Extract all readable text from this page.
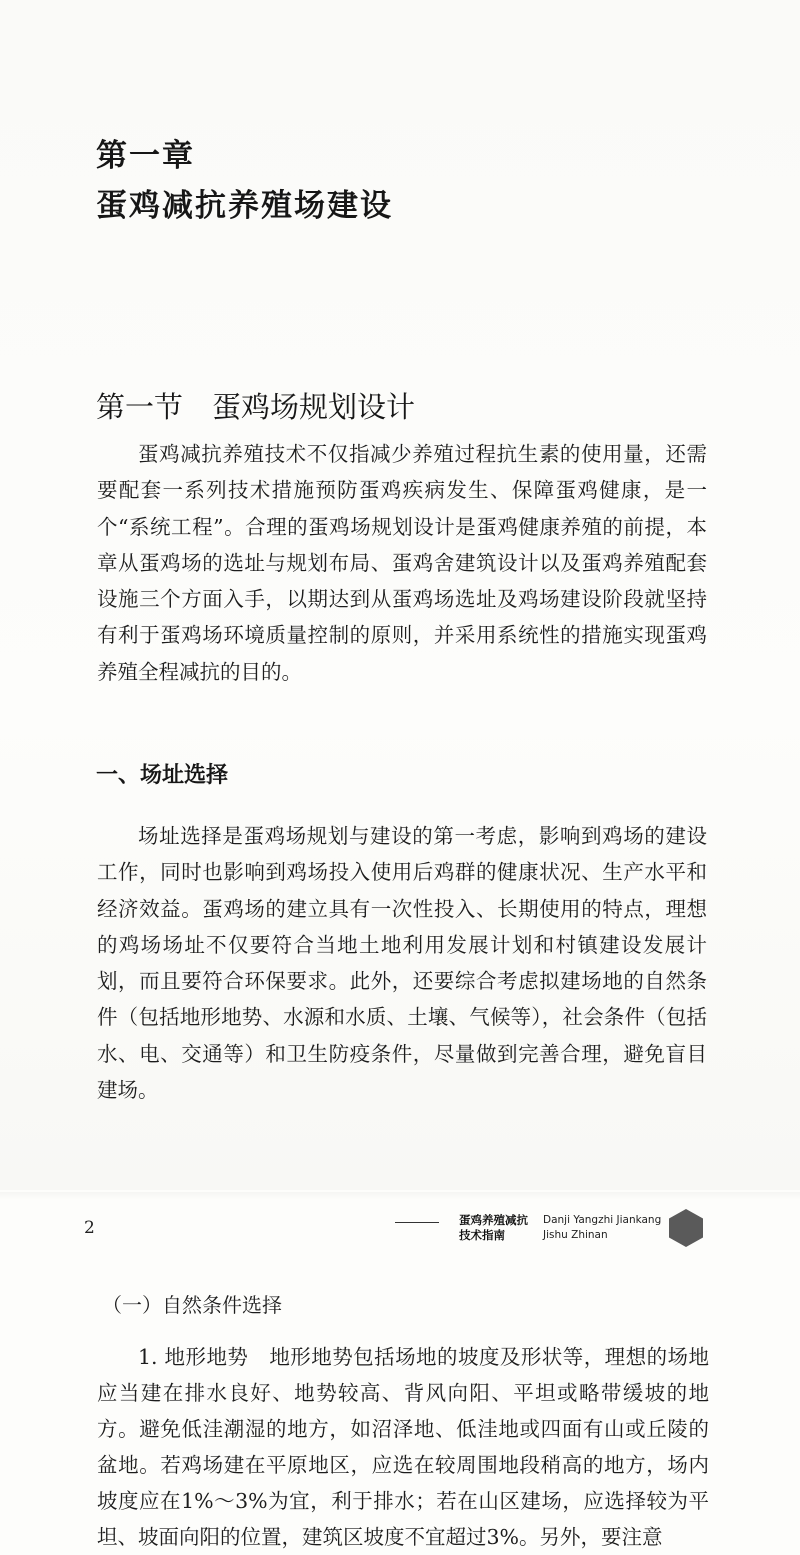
第一章
蛋鸡减抗养殖场建设
第一节　蛋鸡场规划设计

蛋鸡减抗养殖技术不仅指减少养殖过程抗生素的使用量，还需要配套一系列技术措施预防蛋鸡疾病发生、保障蛋鸡健康，是一个“系统工程”。合理的蛋鸡场规划设计是蛋鸡健康养殖的前提，本章从蛋鸡场的选址与规划布局、蛋鸡舍建筑设计以及蛋鸡养殖配套设施三个方面入手，以期达到从蛋鸡场选址及鸡场建设阶段就坚持有利于蛋鸡场环境质量控制的原则，并采用系统性的措施实现蛋鸡养殖全程减抗的目的。

一、场址选择

场址选择是蛋鸡场规划与建设的第一考虑，影响到鸡场的建设工作，同时也影响到鸡场投入使用后鸡群的健康状况、生产水平和经济效益。蛋鸡场的建立具有一次性投入、长期使用的特点，理想的鸡场场址不仅要符合当地土地利用发展计划和村镇建设发展计划，而且要符合环保要求。此外，还要综合考虑拟建场地的自然条件（包括地形地势、水源和水质、土壤、气候等），社会条件（包括水、电、交通等）和卫生防疫条件，尽量做到完善合理，避免盲目建场。

2	蛋鸡养殖减抗
技术指南
Danji Yangzhi Jiankang
Jishu Zhinan
（一）自然条件选择

1. 地形地势　地形地势包括场地的坡度及形状等，理想的场地应当建在排水良好、地势较高、背风向阳、平坦或略带缓坡的地方。避免低洼潮湿的地方，如沼泽地、低洼地或四面有山或丘陵的盆地。若鸡场建在平原地区，应选在较周围地段稍高的地方，场内坡度应在1%～3%为宜，利于排水；若在山区建场，应选择较为平坦、坡面向阳的位置，建筑区坡度不宜超过3%。另外，要注意
